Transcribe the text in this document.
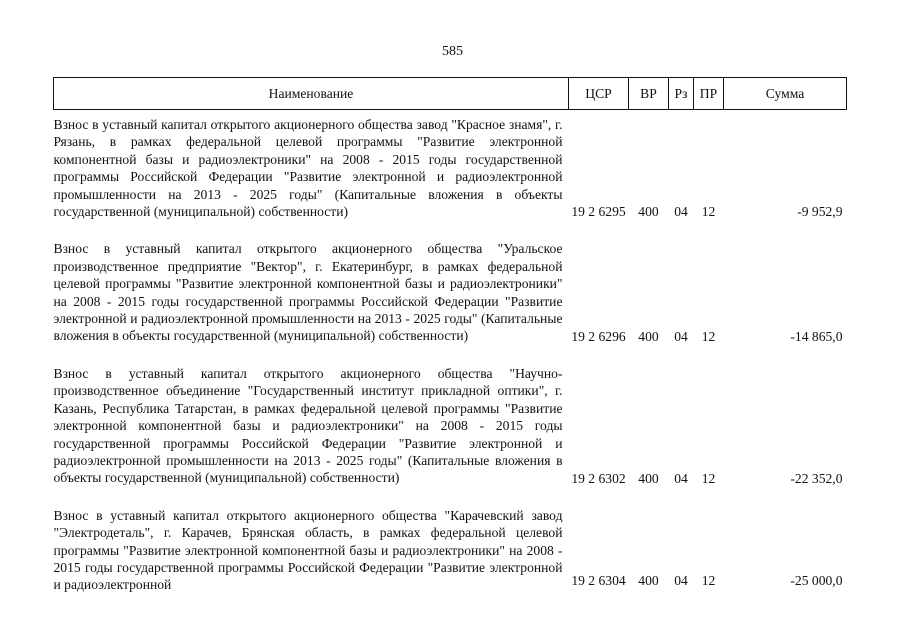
585
Наименование	ЦСР	ВР	Рз	ПР	Сумма
Взнос в уставный капитал открытого акционерного общества завод "Красное знамя", г. Рязань, в рамках федеральной целевой программы "Развитие электронной компонентной базы и радиоэлектроники" на 2008 - 2015 годы государственной программы Российской Федерации "Развитие электронной и радиоэлектронной промышленности на 2013 - 2025 годы" (Капитальные вложения в объекты государственной (муниципальной) собственности)	19 2 6295	400	04	12	-9 952,9
Взнос в уставный капитал открытого акционерного общества "Уральское производственное предприятие "Вектор", г. Екатеринбург, в рамках федеральной целевой программы "Развитие электронной компонентной базы и радиоэлектроники" на 2008 - 2015 годы государственной программы Российской Федерации "Развитие электронной и радиоэлектронной промышленности на 2013 - 2025 годы" (Капитальные вложения в объекты государственной (муниципальной) собственности)	19 2 6296	400	04	12	-14 865,0
Взнос в уставный капитал открытого акционерного общества "Научно-производственное объединение "Государственный институт прикладной оптики", г. Казань, Республика Татарстан, в рамках федеральной целевой программы "Развитие электронной компонентной базы и радиоэлектроники" на 2008 - 2015 годы государственной программы Российской Федерации "Развитие электронной и радиоэлектронной промышленности на 2013 - 2025 годы" (Капитальные вложения в объекты государственной (муниципальной) собственности)	19 2 6302	400	04	12	-22 352,0
Взнос в уставный капитал открытого акционерного общества "Карачевский завод "Электродеталь", г. Карачев, Брянская область, в рамках федеральной целевой программы "Развитие электронной компонентной базы и радиоэлектроники" на 2008 - 2015 годы государственной программы Российской Федерации "Развитие электронной и радиоэлектронной	19 2 6304	400	04	12	-25 000,0
